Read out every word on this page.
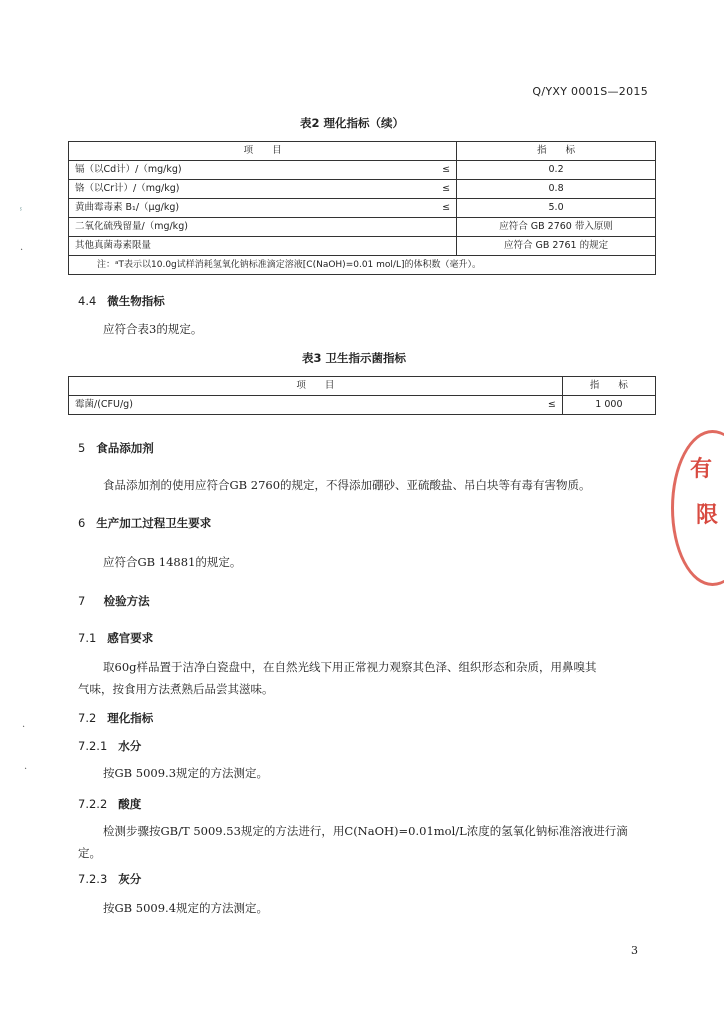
Q/YXY 0001S—2015
表2 理化指标（续）
项　　目		指　　标
镉（以Cd计）/（mg/kg)	≤	0.2
铬（以Cr计）/（mg/kg)	≤	0.8
黄曲霉毒素 B₁/（μg/kg)	≤	5.0
二氧化硫残留量/（mg/kg)		应符合 GB 2760 带入原则
其他真菌毒素限量		应符合 GB 2761 的规定
注：ᵃT表示以10.0g试样消耗氢氧化钠标准滴定溶液[C(NaOH)=0.01 mol/L]的体积数（毫升）。		
4.4 微生物指标
应符合表3的规定。
表3 卫生指示菌指标
项　　目		指　　标
霉菌/(CFU/g)	≤	1 000
5 食品添加剂
食品添加剂的使用应符合GB 2760的规定，不得添加硼砂、亚硫酸盐、吊白块等有毒有害物质。
6 生产加工过程卫生要求
应符合GB 14881的规定。
7 检验方法
7.1 感官要求
取60g样品置于洁净白瓷盘中，在自然光线下用正常视力观察其色泽、组织形态和杂质，用鼻嗅其
气味，按食用方法煮熟后品尝其滋味。
7.2 理化指标
7.2.1 水分
按GB 5009.3规定的方法测定。
7.2.2 酸度
检测步骤按GB/T 5009.53规定的方法进行，用C(NaOH)=0.01mol/L浓度的氢氧化钠标准溶液进行滴
定。
7.2.3 灰分
按GB 5009.4规定的方法测定。
3
有
限
ⸯ
·
·
·
